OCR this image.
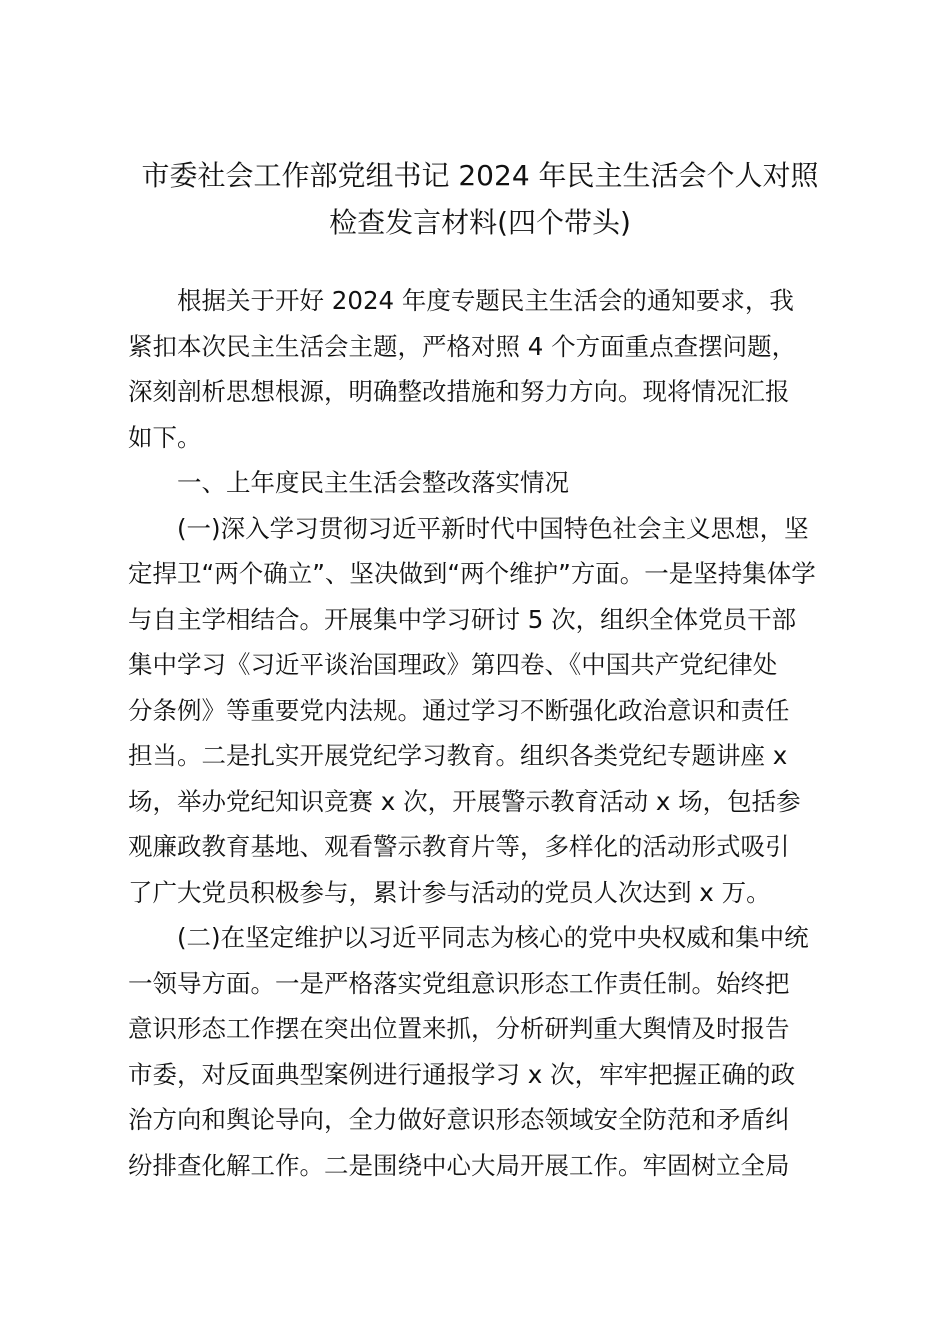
市委社会工作部党组书记 2024 年民主生活会个人对照
检查发言材料(四个带头)
根据关于开好 2024 年度专题民主生活会的通知要求，我
紧扣本次民主生活会主题，严格对照 4 个方面重点查摆问题，
深刻剖析思想根源，明确整改措施和努力方向。现将情况汇报
如下。
一、上年度民主生活会整改落实情况
(一)深入学习贯彻习近平新时代中国特色社会主义思想，坚
定捍卫“两个确立”、坚决做到“两个维护”方面。一是坚持集体学
与自主学相结合。开展集中学习研讨 5 次，组织全体党员干部
集中学习《习近平谈治国理政》第四卷、《中国共产党纪律处
分条例》等重要党内法规。通过学习不断强化政治意识和责任
担当。二是扎实开展党纪学习教育。组织各类党纪专题讲座 x
场，举办党纪知识竞赛 x 次，开展警示教育活动 x 场，包括参
观廉政教育基地、观看警示教育片等，多样化的活动形式吸引
了广大党员积极参与，累计参与活动的党员人次达到 x 万。
(二)在坚定维护以习近平同志为核心的党中央权威和集中统
一领导方面。一是严格落实党组意识形态工作责任制。始终把
意识形态工作摆在突出位置来抓，分析研判重大舆情及时报告
市委，对反面典型案例进行通报学习 x 次，牢牢把握正确的政
治方向和舆论导向，全力做好意识形态领域安全防范和矛盾纠
纷排查化解工作。二是围绕中心大局开展工作。牢固树立全局
